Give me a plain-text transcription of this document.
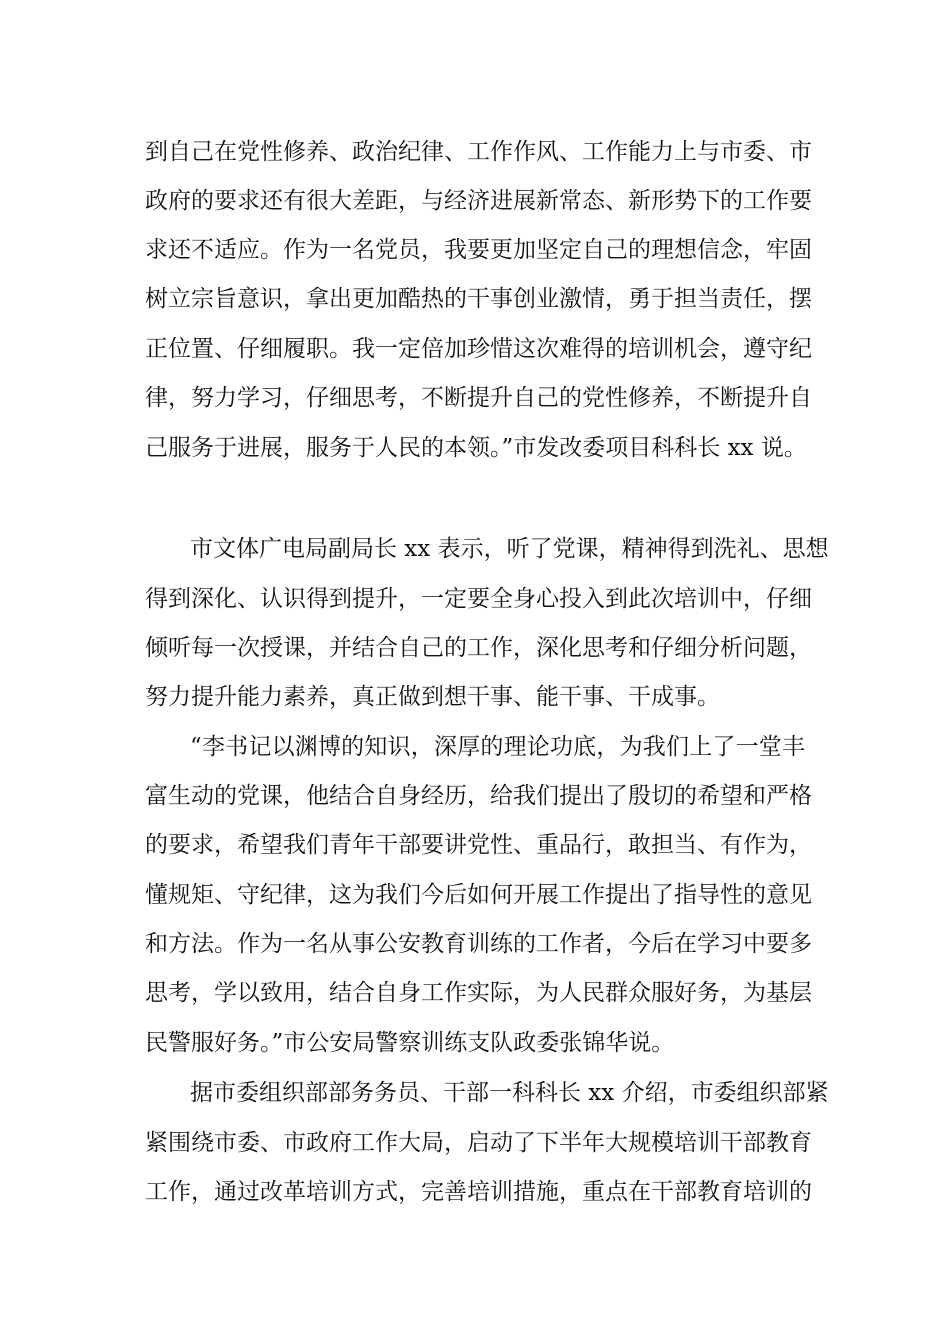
到自己在党性修养、政治纪律、工作作风、工作能力上与市委、市
政府的要求还有很大差距，与经济进展新常态、新形势下的工作要
求还不适应。作为一名党员，我要更加坚定自己的理想信念，牢固
树立宗旨意识，拿出更加酷热的干事创业激情，勇于担当责任，摆
正位置、仔细履职。我一定倍加珍惜这次难得的培训机会，遵守纪
律，努力学习，仔细思考，不断提升自己的党性修养，不断提升自
己服务于进展，服务于人民的本领。”市发改委项目科科长 xx 说。
市文体广电局副局长 xx 表示，听了党课，精神得到洗礼、思想
得到深化、认识得到提升，一定要全身心投入到此次培训中，仔细
倾听每一次授课，并结合自己的工作，深化思考和仔细分析问题，
努力提升能力素养，真正做到想干事、能干事、干成事。
“李书记以渊博的知识，深厚的理论功底，为我们上了一堂丰
富生动的党课，他结合自身经历，给我们提出了殷切的希望和严格
的要求，希望我们青年干部要讲党性、重品行，敢担当、有作为，
懂规矩、守纪律，这为我们今后如何开展工作提出了指导性的意见
和方法。作为一名从事公安教育训练的工作者，今后在学习中要多
思考，学以致用，结合自身工作实际，为人民群众服好务，为基层
民警服好务。”市公安局警察训练支队政委张锦华说。
据市委组织部部务务员、干部一科科长 xx 介绍，市委组织部紧
紧围绕市委、市政府工作大局，启动了下半年大规模培训干部教育
工作，通过改革培训方式，完善培训措施，重点在干部教育培训的
